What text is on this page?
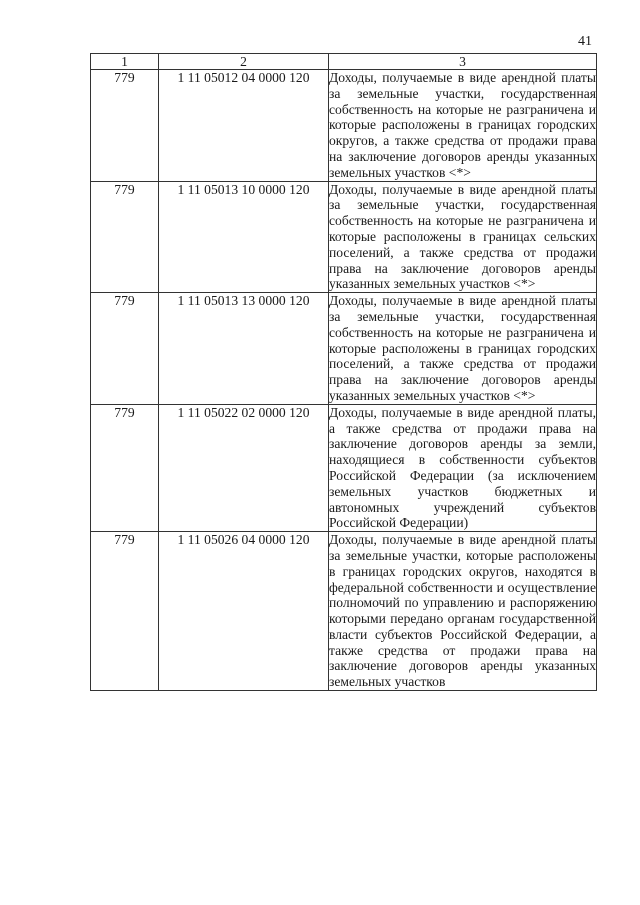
41
1	2	3
779	1 11 05012 04 0000 120	Доходы, получаемые в виде арендной платы за земельные участки, государственная собственность на которые не разграничена и которые расположены в границах городских округов, а также средства от продажи права на заключение договоров аренды указанных земельных участков <*>
779	1 11 05013 10 0000 120	Доходы, получаемые в виде арендной платы за земельные участки, государственная собственность на которые не разграничена и которые расположены в границах сельских поселений, а также средства от продажи права на заключение договоров аренды указанных земельных участков <*>
779	1 11 05013 13 0000 120	Доходы, получаемые в виде арендной платы за земельные участки, государственная собственность на которые не разграничена и которые расположены в границах городских поселений, а также средства от продажи права на заключение договоров аренды указанных земельных участков <*>
779	1 11 05022 02 0000 120	Доходы, получаемые в виде арендной платы, а также средства от продажи права на заключение договоров аренды за земли, находящиеся в собственности субъектов Российской Федерации (за исключением земельных участков бюджетных и автономных учреждений субъектов Российской Федерации)
779	1 11 05026 04 0000 120	Доходы, получаемые в виде арендной платы за земельные участки, которые расположены в границах городских округов, находятся в федеральной собственности и осуществление полномочий по управлению и распоряжению которыми передано органам государственной власти субъектов Российской Федерации, а также средства от продажи права на заключение договоров аренды указанных земельных участков
